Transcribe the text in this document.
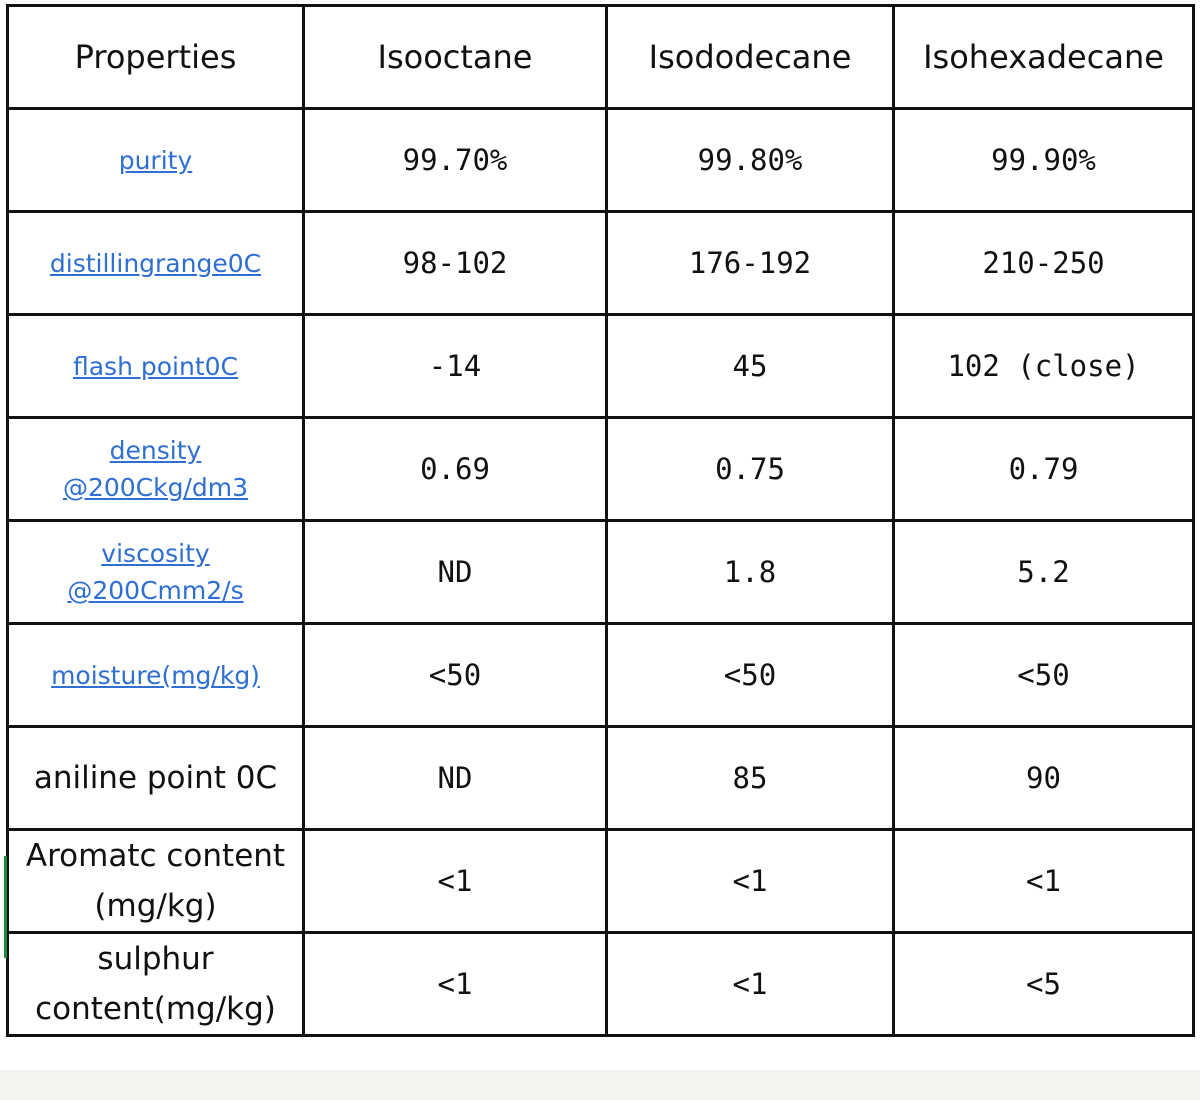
Properties	Isooctane	Isododecane	Isohexadecane
purity	99.70%	99.80%	99.90%
distillingrange0C	98-102	176-192	210-250
flash point0C	-14	45	102 (close)
density
@200Ckg/dm3	0.69	0.75	0.79
viscosity
@200Cmm2/s	ND	1.8	5.2
moisture(mg/kg)	<50	<50	<50
aniline point 0C	ND	85	90
Aromatc content
(mg/kg)	<1	<1	<1
sulphur
content(mg/kg)	<1	<1	<5
